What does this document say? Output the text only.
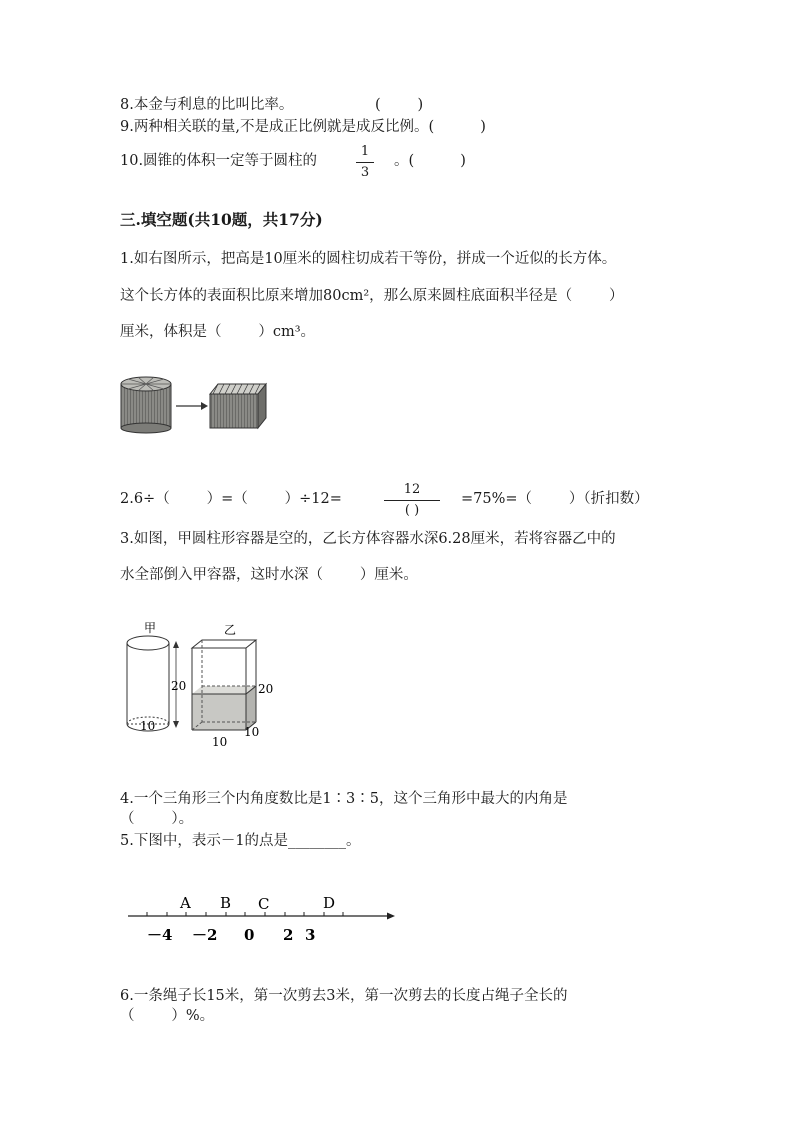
8.本金与利息的比叫比率。	(        )
9.两种相关联的量,不是成正比例就是成反比例。(          )
10.圆锥的体积一定等于圆柱的
1
3
。(          )
三.填空题(共10题，共17分)
1.如右图所示，把高是10厘米的圆柱切成若干等份，拼成一个近似的长方体。
这个长方体的表面积比原来增加80cm²，那么原来圆柱底面积半径是（        ）
厘米，体积是（        ）cm³。
2.6÷（        ）=（        ）÷12=
12
( )
=75%=（        ）（折扣数）
3.如图，甲圆柱形容器是空的，乙长方体容器水深6.28厘米，若将容器乙中的
水全部倒入甲容器，这时水深（        ）厘米。
甲
20
10
乙
20
10
10
4.一个三角形三个内角度数比是1∶3∶5，这个三角形中最大的内角是
（        ）。
5.下图中，表示－1的点是________。
A B C	D
－4 －2 0 2 3
6.一条绳子长15米，第一次剪去3米，第一次剪去的长度占绳子全长的
（        ）%。
